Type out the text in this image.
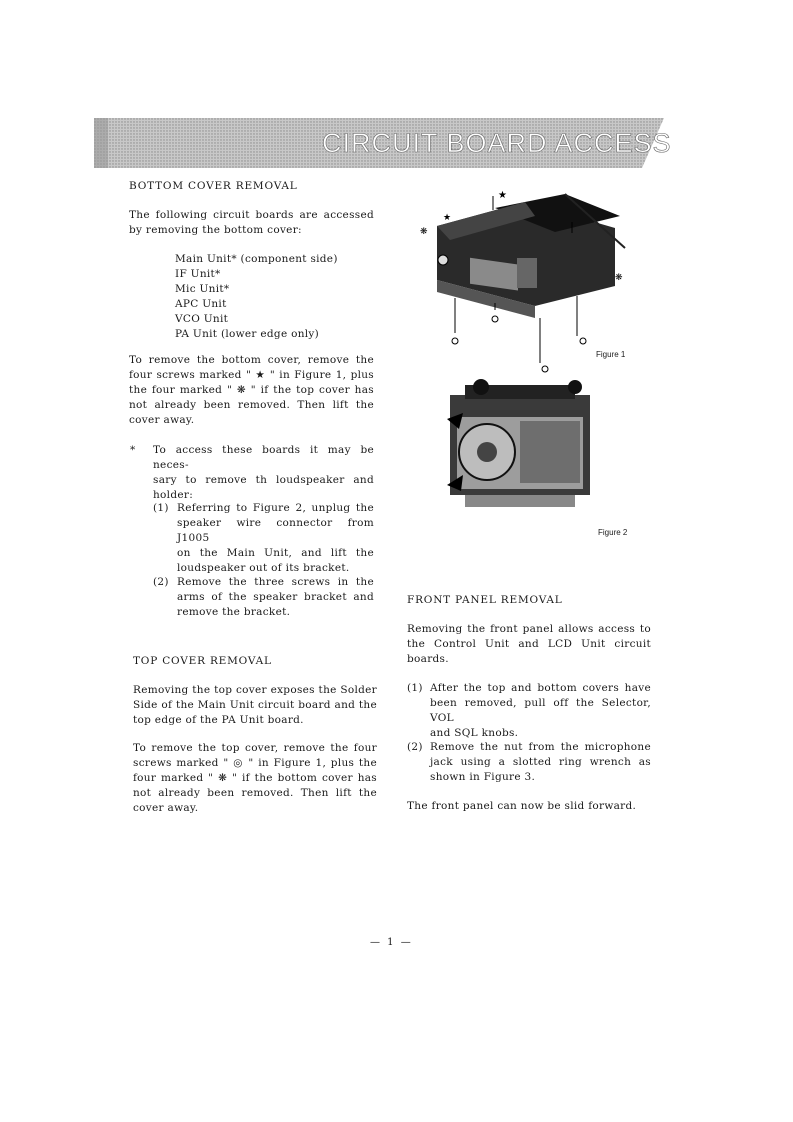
CIRCUIT BOARD ACCESS
BOTTOM COVER REMOVAL

The following circuit boards are accessed

by removing the bottom cover:

Main Unit* (component side)

IF Unit*

Mic Unit*

APC Unit

VCO Unit

PA Unit (lower edge only)

To remove the bottom cover, remove the

four screws marked " ★ " in Figure 1, plus

the four marked " ❋ " if the top cover has

not already been removed. Then lift the

cover away.

* To access these boards it may be neces-

sary to remove th loudspeaker and

holder:

(1) Referring to Figure 2, unplug the

speaker wire connector from J1005

on the Main Unit, and lift the

loudspeaker out of its bracket.

(2) Remove the three screws in the

arms of the speaker bracket and

remove the bracket.

TOP COVER REMOVAL

Removing the top cover exposes the Solder

Side of the Main Unit circuit board and the

top edge of the PA Unit board.

To remove the top cover, remove the four

screws marked " ◎ " in Figure 1, plus the

four marked " ❋ " if the bottom cover has

not already been removed. Then lift the

cover away.

★
★
❋
❋
Figure 1
Figure 2
FRONT PANEL REMOVAL

Removing the front panel allows access to

the Control Unit and LCD Unit circuit

boards.

(1) After the top and bottom covers have

been removed, pull off the Selector, VOL

and SQL knobs.

(2) Remove the nut from the microphone

jack using a slotted ring wrench as

shown in Figure 3.

The front panel can now be slid forward.
— 1 —
